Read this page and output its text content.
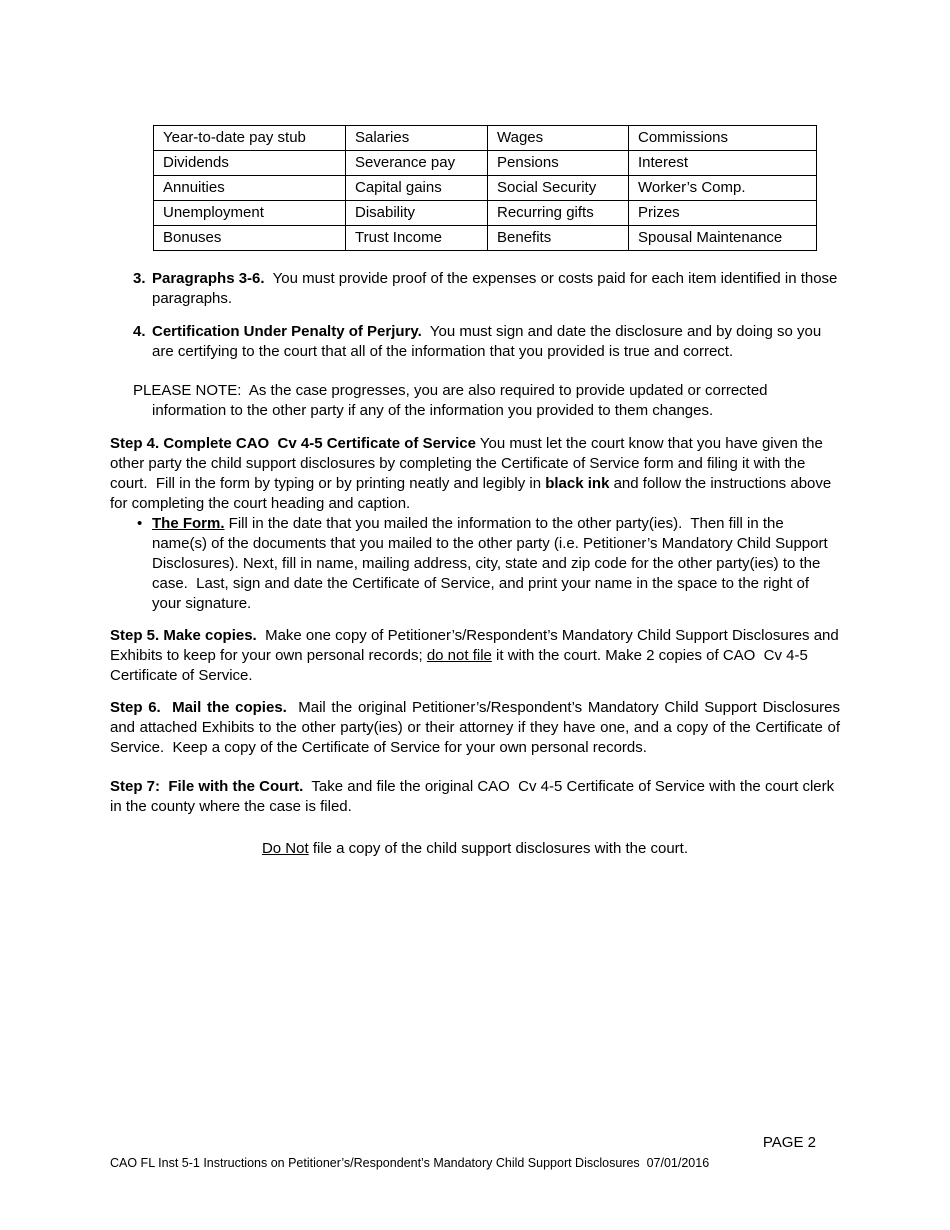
Year-to-date pay stub	Salaries	Wages	Commissions
Dividends	Severance pay	Pensions	Interest
Annuities	Capital gains	Social Security	Worker’s Comp.
Unemployment	Disability	Recurring gifts	Prizes
Bonuses	Trust Income	Benefits	Spousal Maintenance

3. Paragraphs 3-6.  You must provide proof of the expenses or costs paid for each item identified in those paragraphs.

4. Certification Under Penalty of Perjury.  You must sign and date the disclosure and by doing so you are certifying to the court that all of the information that you provided is true and correct.

PLEASE NOTE:  As the case progresses, you are also required to provide updated or corrected information to the other party if any of the information you provided to them changes.

Step 4. Complete CAO  Cv 4-5 Certificate of Service You must let the court know that you have given the other party the child support disclosures by completing the Certificate of Service form and filing it with the court.  Fill in the form by typing or by printing neatly and legibly in black ink and follow the instructions above for completing the court heading and caption.

• The Form. Fill in the date that you mailed the information to the other party(ies).  Then fill in the name(s) of the documents that you mailed to the other party (i.e. Petitioner’s Mandatory Child Support Disclosures). Next, fill in name, mailing address, city, state and zip code for the other party(ies) to the case.  Last, sign and date the Certificate of Service, and print your name in the space to the right of your signature.

Step 5. Make copies.  Make one copy of Petitioner’s/Respondent’s Mandatory Child Support Disclosures and Exhibits to keep for your own personal records; do not file it with the court. Make 2 copies of CAO  Cv 4-5 Certificate of Service.

Step 6.  Mail the copies.  Mail the original Petitioner’s/Respondent’s Mandatory Child Support Disclosures and attached Exhibits to the other party(ies) or their attorney if they have one, and a copy of the Certificate of Service.  Keep a copy of the Certificate of Service for your own personal records.

Step 7:  File with the Court.  Take and file the original CAO  Cv 4-5 Certificate of Service with the court clerk in the county where the case is filed.

Do Not file a copy of the child support disclosures with the court.

PAGE 2
CAO FL Inst 5-1 Instructions on Petitioner’s/Respondent’s Mandatory Child Support Disclosures  07/01/2016
